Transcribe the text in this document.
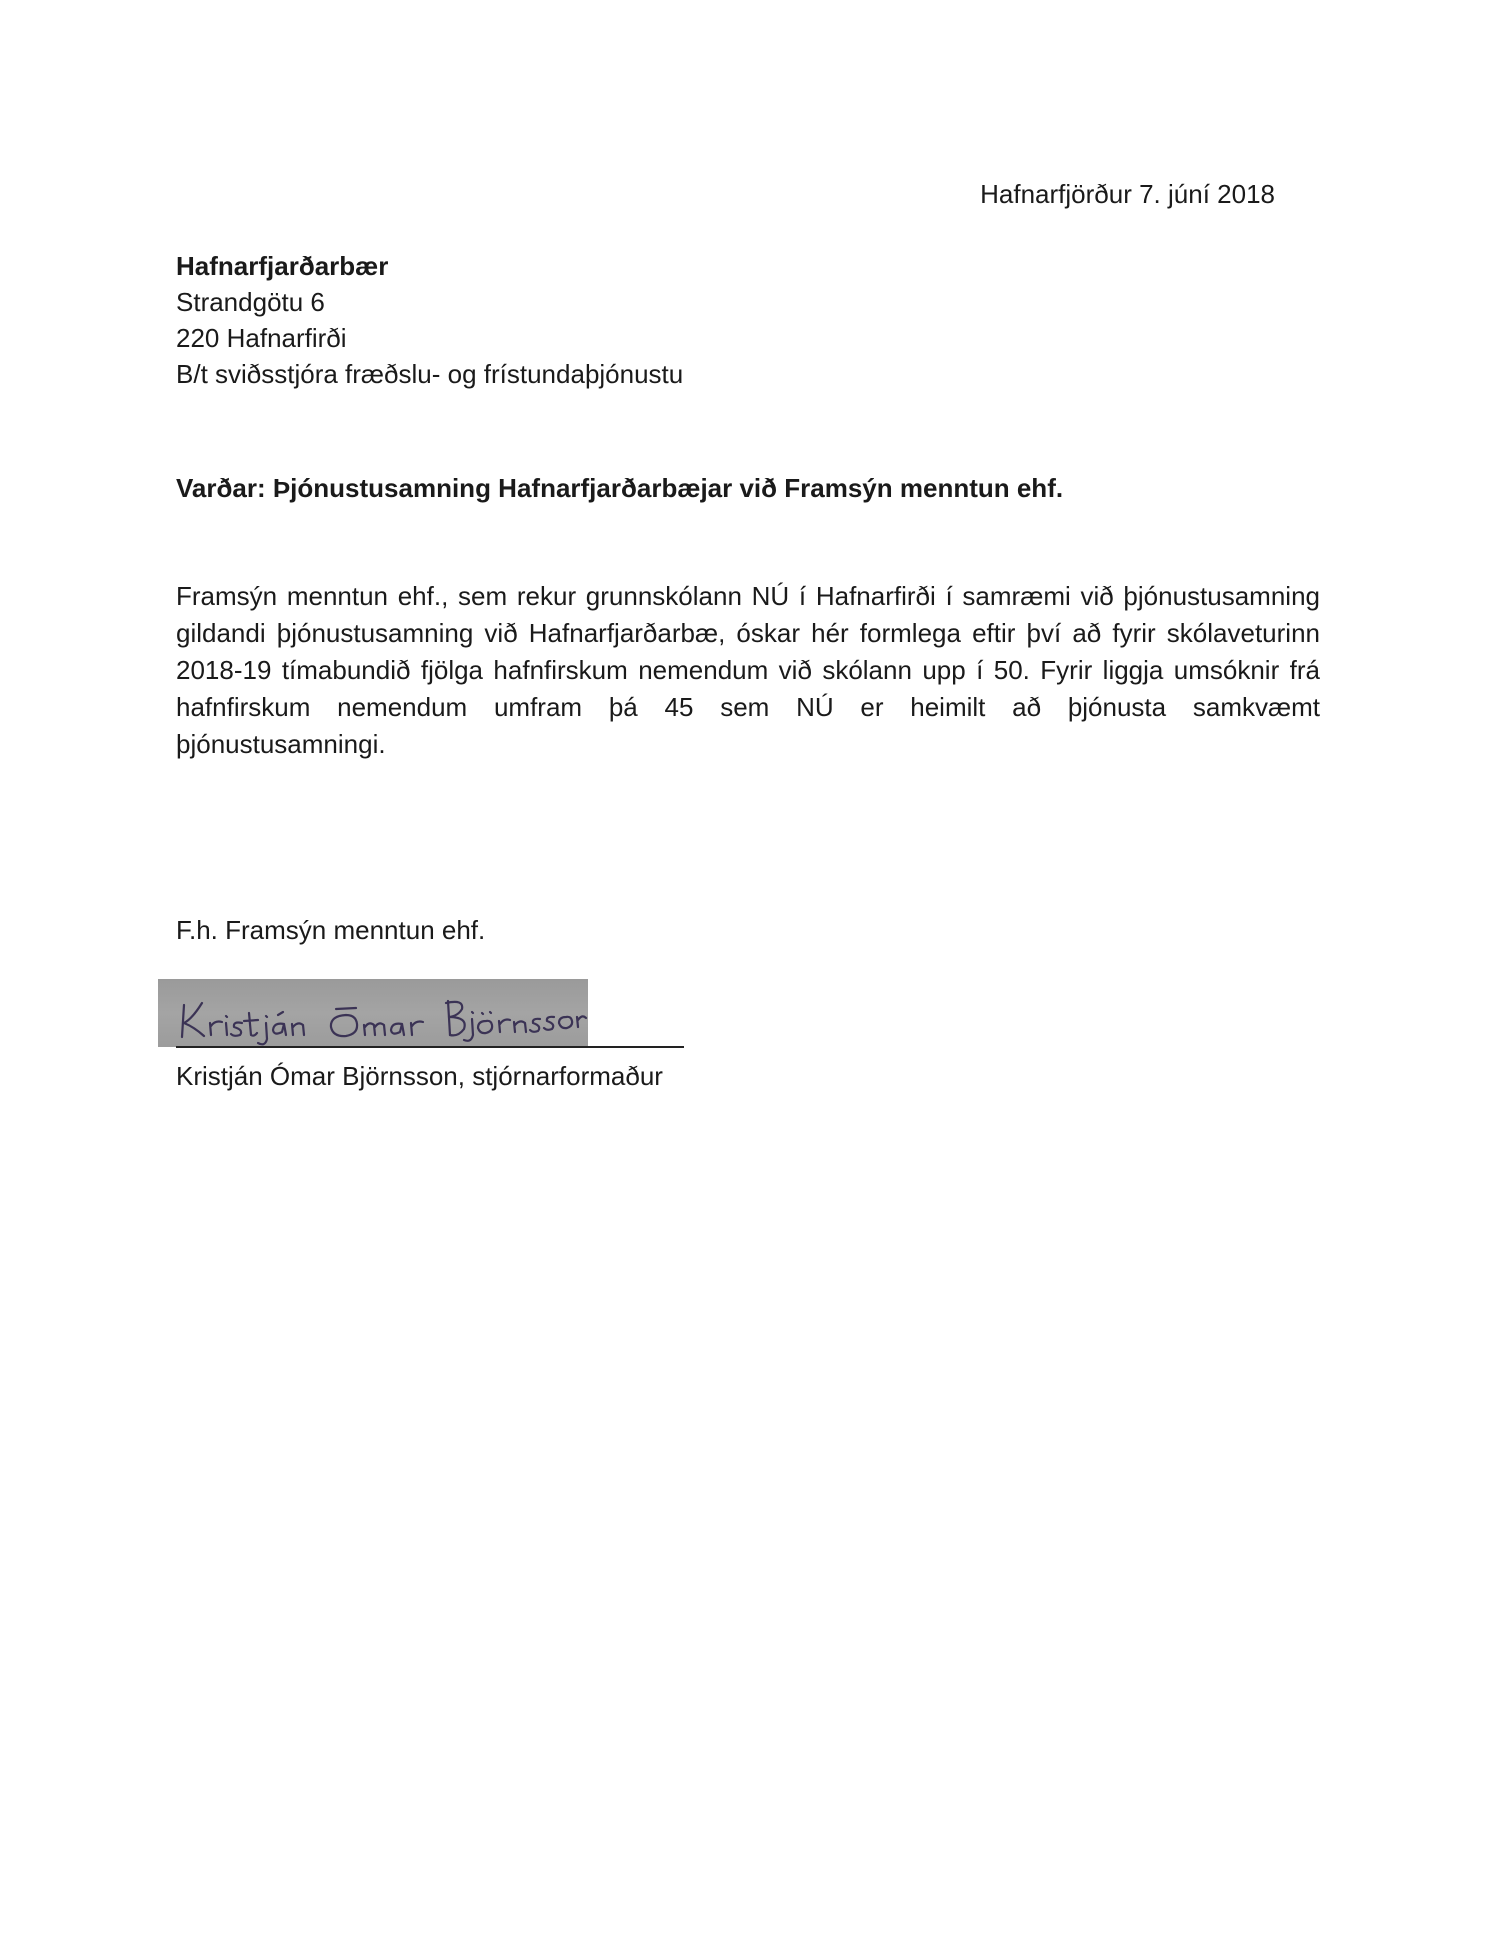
Hafnarfjörður 7. júní 2018
Hafnarfjarðarbær
Strandgötu 6
220 Hafnarfirði
B/t sviðsstjóra fræðslu- og frístundaþjónustu
Varðar: Þjónustusamning Hafnarfjarðarbæjar við Framsýn menntun ehf.

Framsýn menntun ehf., sem rekur grunnskólann NÚ í Hafnarfirði í samræmi við þjónustusamning gildandi þjónustusamning við Hafnarfjarðarbæ, óskar hér formlega eftir því að fyrir skólaveturinn 2018-19 tímabundið fjölga hafnfirskum nemendum við skólann upp í 50. Fyrir liggja umsóknir frá hafnfirskum nemendum umfram þá 45 sem NÚ er heimilt að þjónusta samkvæmt þjónustusamningi.

F.h. Framsýn menntun ehf.
Kristján Ómar Björnsson, stjórnarformaður
